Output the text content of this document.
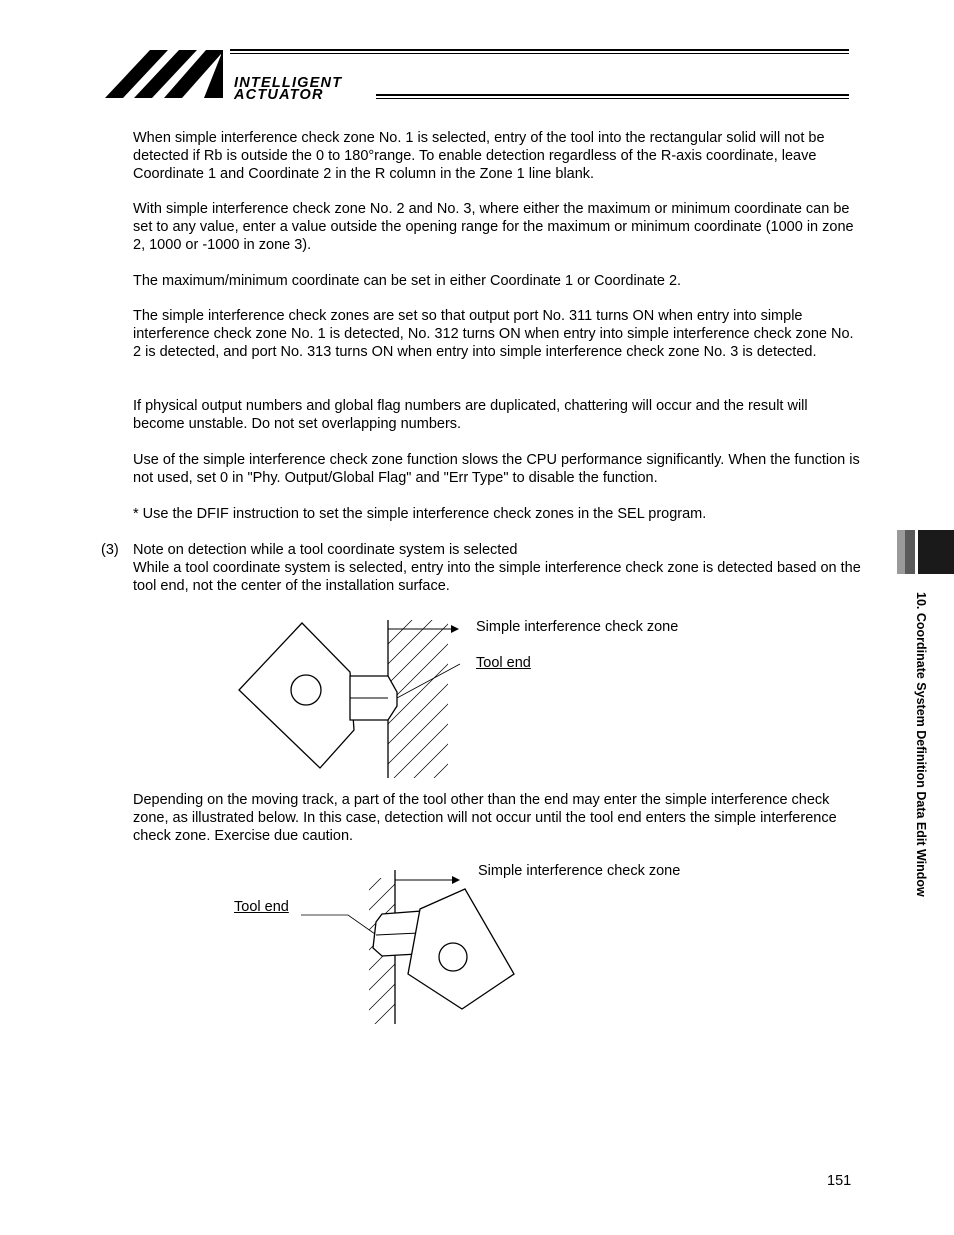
INTELLIGENT
ACTUATOR

When simple interference check zone No. 1 is selected, entry of the tool into the rectangular solid will not be detected if Rb is outside the 0 to 180°range. To enable detection regardless of the R-axis coordinate, leave Coordinate 1 and Coordinate 2 in the R column in the Zone 1 line blank.

With simple interference check zone No. 2 and No. 3, where either the maximum or minimum coordinate can be set to any value, enter a value outside the opening range for the maximum or minimum coordinate (1000 in zone 2, 1000 or -1000 in zone 3).

The maximum/minimum coordinate can be set in either Coordinate 1 or Coordinate 2.

The simple interference check zones are set so that output port No. 311 turns ON when entry into simple interference check zone No. 1 is detected, No. 312 turns ON when entry into simple interference check zone No. 2 is detected, and port No. 313 turns ON when entry into simple interference check zone No. 3 is detected.

If physical output numbers and global flag numbers are duplicated, chattering will occur and the result will become unstable. Do not set overlapping numbers.

Use of the simple interference check zone function slows the CPU performance significantly. When the function is not used, set 0 in "Phy. Output/Global Flag" and "Err Type" to disable the function.

* Use the DFIF instruction to set the simple interference check zones in the SEL program.

(3) Note on detection while a tool coordinate system is selected

While a tool coordinate system is selected, entry into the simple interference check zone is detected based on the tool end, not the center of the installation surface.

Simple interference check zone
Tool end

Depending on the moving track, a part of the tool other than the end may enter the simple interference check zone, as illustrated below. In this case, detection will not occur until the tool end enters the simple interference check zone. Exercise due caution.

Simple interference check zone
Tool end
10. Coordinate System Definition Data Edit Window
151
